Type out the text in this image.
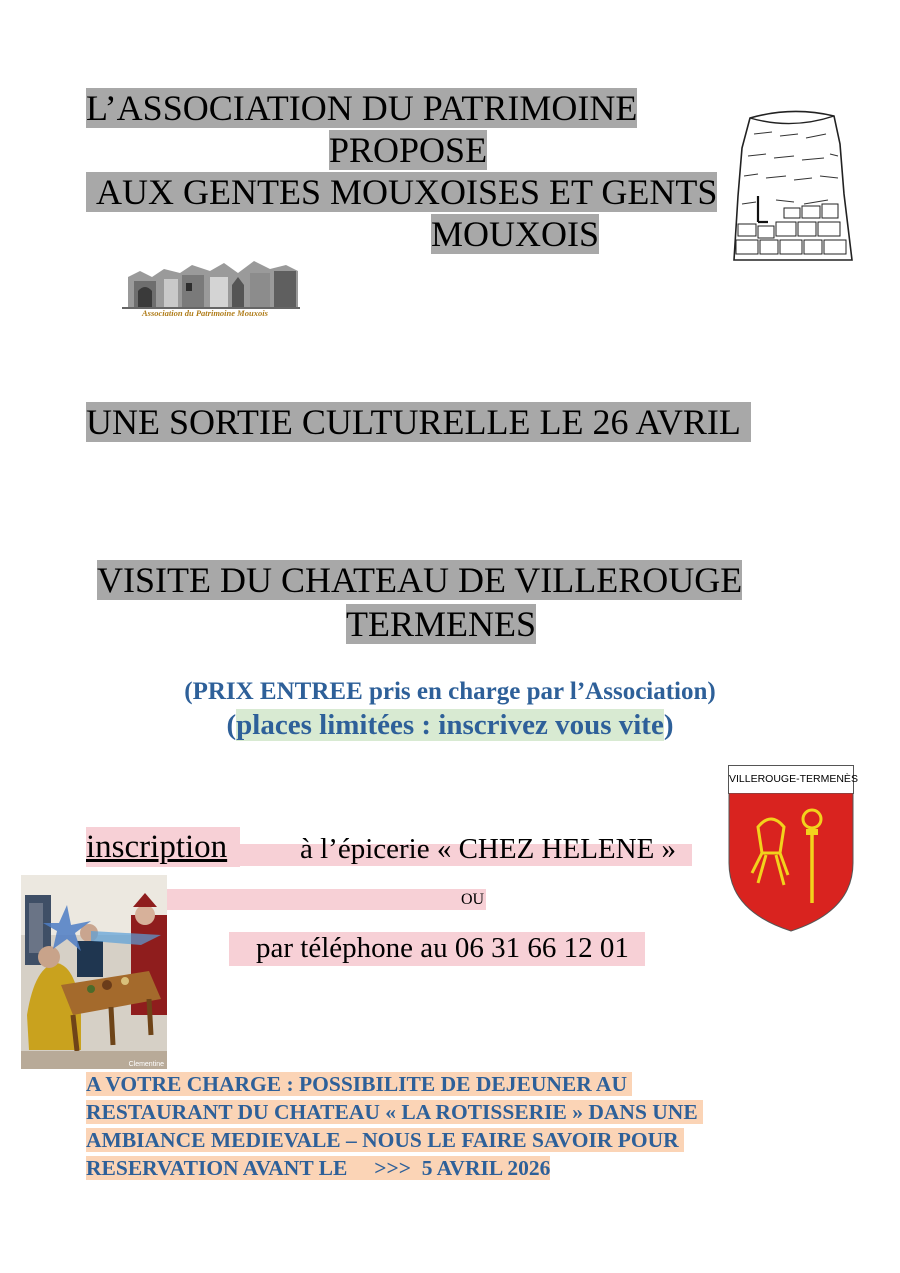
L’ASSOCIATION DU PATRIMOINE
PROPOSE
AUX GENTES MOUXOISES ET GENTS
MOUXOIS
Association du Patrimoine Mouxois
UNE SORTIE CULTURELLE LE 26 AVRIL
VISITE DU CHATEAU DE VILLEROUGE
TERMENES
(PRIX ENTREE pris en charge par l’Association)
(places limitées : inscrivez vous vite)
VILLEROUGE-TERMENÈS
inscription	à l’épicerie « CHEZ HELENE »
OU
par téléphone au 06 31 66 12 01
Clementine
A VOTRE CHARGE : POSSIBILITE DE DEJEUNER AU
RESTAURANT DU CHATEAU « LA ROTISSERIE » DANS UNE
AMBIANCE MEDIEVALE – NOUS LE FAIRE SAVOIR POUR
RESERVATION AVANT LE >>> 5 AVRIL 2026
